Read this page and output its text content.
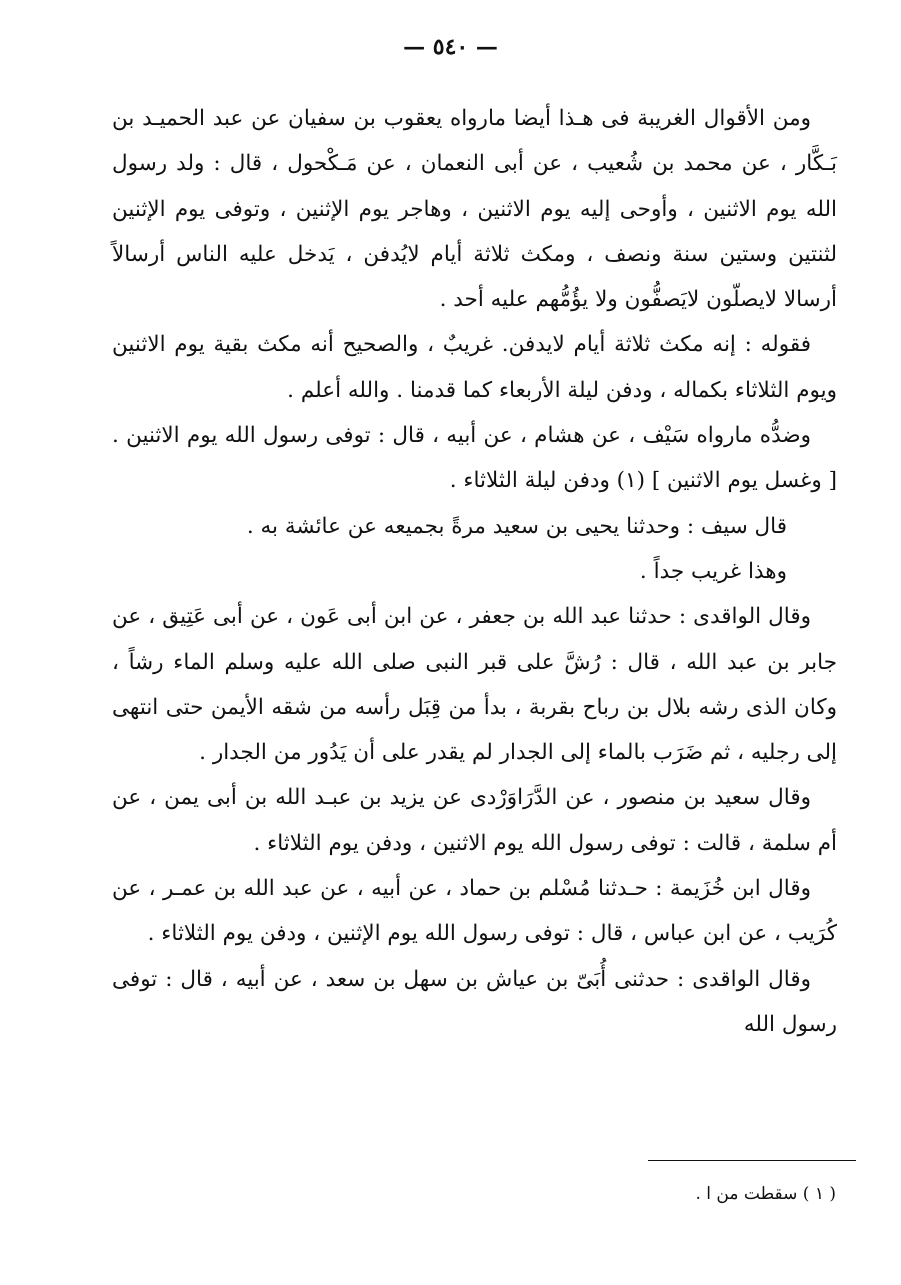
— ٥٤٠ —

ومن الأقوال الغريبة فى هـذا أيضا مارواه يعقوب بن سفيان عن عبد الحميـد بن بَـكَّار ، عن محمد بن شُعيب ، عن أبى النعمان ، عن مَـكْحول ، قال : ولد رسول الله يوم الاثنين ، وأوحى إليه يوم الاثنين ، وهاجر يوم الإثنين ، وتوفى يوم الإثنين لثنتين وستين سنة ونصف ، ومكث ثلاثة أيام لايُدفن ، يَدخل عليه الناس أرسالاً أرسالا لايصلّون لايَصفُّون ولا يؤُمُّهم عليه أحد .

فقوله : إنه مكث ثلاثة أيام لايدفن. غريبٌ ، والصحيح أنه مكث بقية يوم الاثنين ويوم الثلاثاء بكماله ، ودفن ليلة الأربعاء كما قدمنا . والله أعلم .

وضدُّه مارواه سَيْف ، عن هشام ، عن أبيه ، قال : توفى رسول الله يوم الاثنين . [ وغسل يوم الاثنين ] (١) ودفن ليلة الثلاثاء .

قال سيف : وحدثنا يحيى بن سعيد مرةً بجميعه عن عائشة به .

وهذا غريب جداً .

وقال الواقدى : حدثنا عبد الله بن جعفر ، عن ابن أبى عَون ، عن أبى عَتِيق ، عن جابر بن عبد الله ، قال : رُشَّ على قبر النبى صلى الله عليه وسلم الماء رشاً ، وكان الذى رشه بلال بن رباح بقربة ، بدأ من قِبَل رأسه من شقه الأيمن حتى انتهى إلى رجليه ، ثم ضَرَب بالماء إلى الجدار لم يقدر على أن يَدُور من الجدار .

وقال سعيد بن منصور ، عن الدَّرَاوَرْدى عن يزيد بن عبـد الله بن أبى يمن ، عن أم سلمة ، قالت : توفى رسول الله يوم الاثنين ، ودفن يوم الثلاثاء .

وقال ابن خُزَيمة : حـدثنا مُسْلم بن حماد ، عن أبيه ، عن عبد الله بن عمـر ، عن كُرَيب ، عن ابن عباس ، قال : توفى رسول الله يوم الإثنين ، ودفن يوم الثلاثاء .

وقال الواقدى : حدثنى أُبَىّ بن عياش بن سهل بن سعد ، عن أبيه ، قال : توفى رسول الله

( ١ ) سقطت من ا .
